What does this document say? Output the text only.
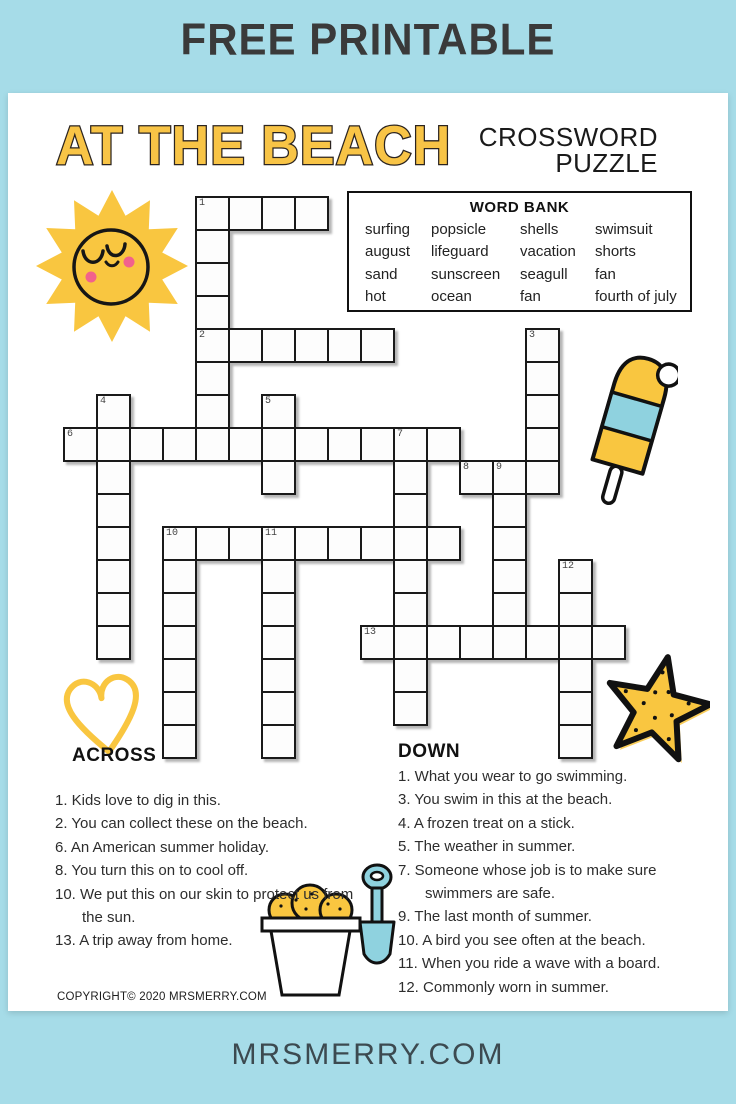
FREE PRINTABLE
AT THE BEACH CROSSWORD
PUZZLE
WORD BANK
surfing	popsicle	shells	swimsuit
august	lifeguard	vacation	shorts
sand	sunscreen	seagull	fan
hot	ocean	fan	fourth of july
1
2	3
4	5
6	7
8	9
10	11
12
13
ACROSS
1. Kids love to dig in this.
2. You can collect these on the beach.
6. An American summer holiday.
8. You turn this on to cool off.
10. We put this on our skin to protect us from the sun.
13. A trip away from home.
DOWN
1. What you wear to go swimming.
3. You swim in this at the beach.
4. A frozen treat on a stick.
5. The weather in summer.
7. Someone whose job is to make sure swimmers are safe.
9. The last month of summer.
10. A bird you see often at the beach.
11. When you ride a wave with a board.
12. Commonly worn in summer.
COPYRIGHT© 2020 MRSMERRY.COM
MRSMERRY.COM
